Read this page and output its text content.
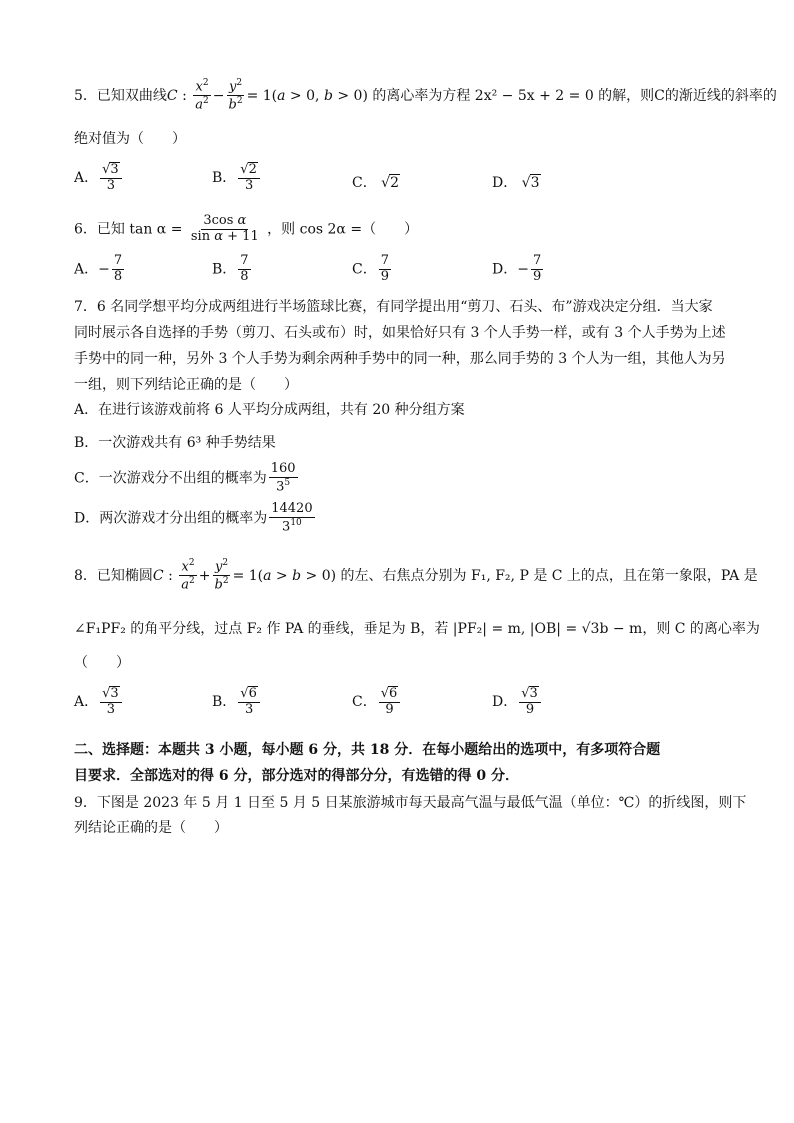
5．已知双曲线C : $\frac{x^2}{a^2} - \frac{y^2}{b^2} = 1(a > 0$, b > 0) 的离心率为方程 2x² − 5x + 2 = 0 的解，则C的渐近线的斜率的
绝对值为（　　）
A． $\frac{√3}{3}$	B． $\frac{√2}{3}$	C． √2	D． √3
6．已知 $\tan \alpha = \frac{\text{3cos α}}{\text{sin α + 11}}$ ，则 cos 2α =（　　）
A．− $\frac{7}{8}$	B． $\frac{7}{8}$	C． $\frac{7}{9}$	D．− $\frac{7}{9}$
7．6 名同学想平均分成两组进行半场篮球比赛，有同学提出用“剪刀、石头、布”游戏决定分组．当大家
同时展示各自选择的手势（剪刀、石头或布）时，如果恰好只有 3 个人手势一样，或有 3 个人手势为上述
手势中的同一种，另外 3 个人手势为剩余两种手势中的同一种，那么同手势的 3 个人为一组，其他人为另
一组，则下列结论正确的是（　　）
A．在进行该游戏前将 6 人平均分成两组，共有 20 种分组方案
B．一次游戏共有 6³ 种手势结果
C．一次游戏分不出组的概率为 $\frac{160}{3^5}$
D．两次游戏才分出组的概率为 $\frac{14420}{3^{10}}$
8．已知椭圆C : $\frac{x^2}{a^2} + \frac{y^2}{b^2} = 1(a > b > 0)$ 的左、右焦点分别为 F₁, F₂, P 是 C 上的点，且在第一象限，PA 是
∠F₁PF₂ 的角平分线，过点 F₂ 作 PA 的垂线，垂足为 B，若 |PF₂| = m, |OB| = √3b − m，则 C 的离心率为
（　　）
A． $\frac{√3}{3}$	B． $\frac{√6}{3}$	C． $\frac{√6}{9}$	D． $\frac{√3}{9}$
二、选择题：本题共 3 小题，每小题 6 分，共 18 分．在每小题给出的选项中，有多项符合题
目要求．全部选对的得 6 分，部分选对的得部分分，有选错的得 0 分．
9．下图是 2023 年 5 月 1 日至 5 月 5 日某旅游城市每天最高气温与最低气温（单位：℃）的折线图，则下
列结论正确的是（　　）
